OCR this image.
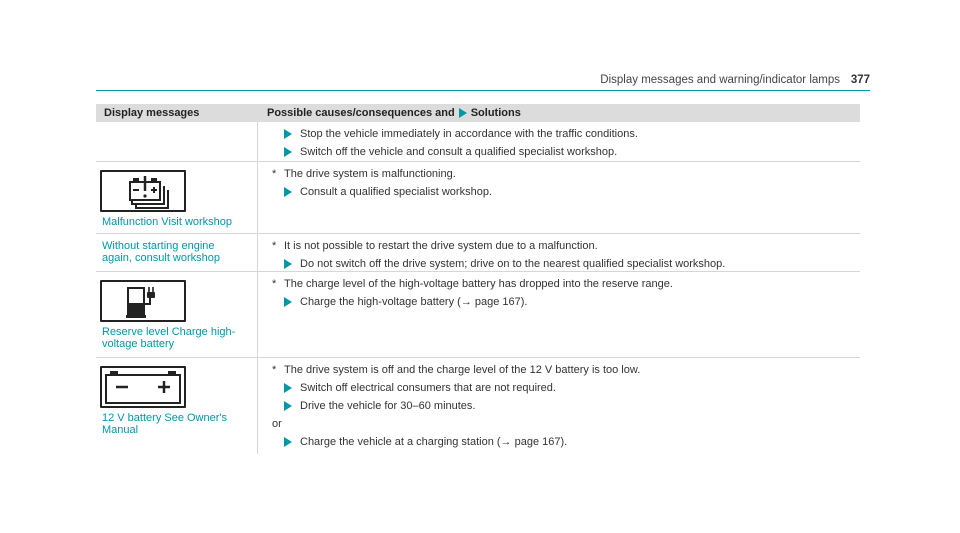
Display messages and warning/indicator lamps 377
Display messages	Possible causes/consequences and Solutions
Stop the vehicle immediately in accordance with the traffic conditions.
Switch off the vehicle and consult a qualified specialist workshop.
Malfunction Visit workshop
* The drive system is malfunctioning.
Consult a qualified specialist workshop.
Without starting engine
again, consult workshop
* It is not possible to restart the drive system due to a malfunction.
Do not switch off the drive system; drive on to the nearest qualified specialist workshop.
Reserve level Charge high-
voltage battery
* The charge level of the high-voltage battery has dropped into the reserve range.
Charge the high-voltage battery (→ page 167).
12 V battery See Owner's
Manual
* The drive system is off and the charge level of the 12 V battery is too low.
Switch off electrical consumers that are not required.
Drive the vehicle for 30–60 minutes.
or
Charge the vehicle at a charging station (→ page 167).
